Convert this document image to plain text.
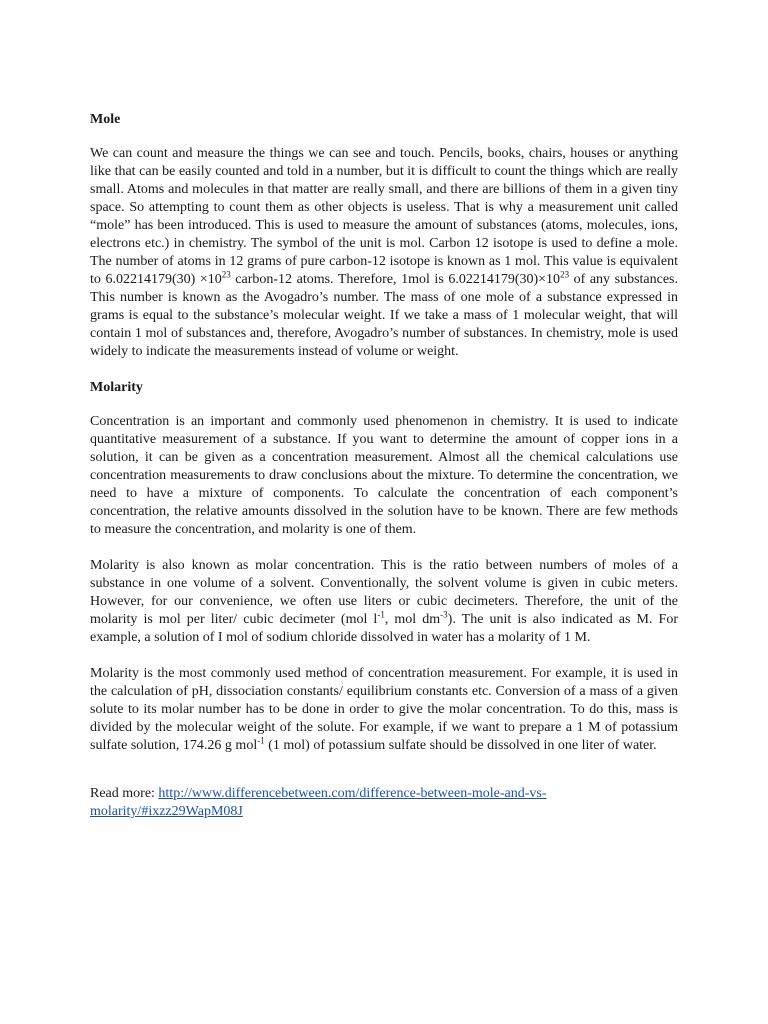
Mole

We can count and measure the things we can see and touch. Pencils, books, chairs, houses or anything like that can be easily counted and told in a number, but it is difficult to count the things which are really small. Atoms and molecules in that matter are really small, and there are billions of them in a given tiny space. So attempting to count them as other objects is useless. That is why a measurement unit called “mole” has been introduced. This is used to measure the amount of substances (atoms, molecules, ions, electrons etc.) in chemistry. The symbol of the unit is mol. Carbon 12 isotope is used to define a mole. The number of atoms in 12 grams of pure carbon-12 isotope is known as 1 mol. This value is equivalent to $6.02214179(30) \times 10^{23}$ carbon-12 atoms. Therefore, 1mol is $6.02214179(30)\times 10^{23}$ of any substances. This number is known as the Avogadro’s number. The mass of one mole of a substance expressed in grams is equal to the substance’s molecular weight. If we take a mass of 1 molecular weight, that will contain 1 mol of substances and, therefore, Avogadro’s number of substances. In chemistry, mole is used widely to indicate the measurements instead of volume or weight.

Molarity

Concentration is an important and commonly used phenomenon in chemistry. It is used to indicate quantitative measurement of a substance. If you want to determine the amount of copper ions in a solution, it can be given as a concentration measurement. Almost all the chemical calculations use concentration measurements to draw conclusions about the mixture. To determine the concentration, we need to have a mixture of components. To calculate the concentration of each component’s concentration, the relative amounts dissolved in the solution have to be known. There are few methods to measure the concentration, and molarity is one of them.

Molarity is also known as molar concentration. This is the ratio between numbers of moles of a substance in one volume of a solvent. Conventionally, the solvent volume is given in cubic meters. However, for our convenience, we often use liters or cubic decimeters. Therefore, the unit of the molarity is mol per liter/ cubic decimeter (mol $l^{-1}$, mol $dm^{-3}$). The unit is also indicated as M. For example, a solution of I mol of sodium chloride dissolved in water has a molarity of 1 M.

Molarity is the most commonly used method of concentration measurement. For example, it is used in the calculation of pH, dissociation constants/ equilibrium constants etc. Conversion of a mass of a given solute to its molar number has to be done in order to give the molar concentration. To do this, mass is divided by the molecular weight of the solute. For example, if we want to prepare a 1 M of potassium sulfate solution, 174.26 g mol$^{-1}$ (1 mol) of potassium sulfate should be dissolved in one liter of water.

Read more: http://www.differencebetween.com/difference-between-mole-and-vs-molarity/#ixzz29WapM08J
